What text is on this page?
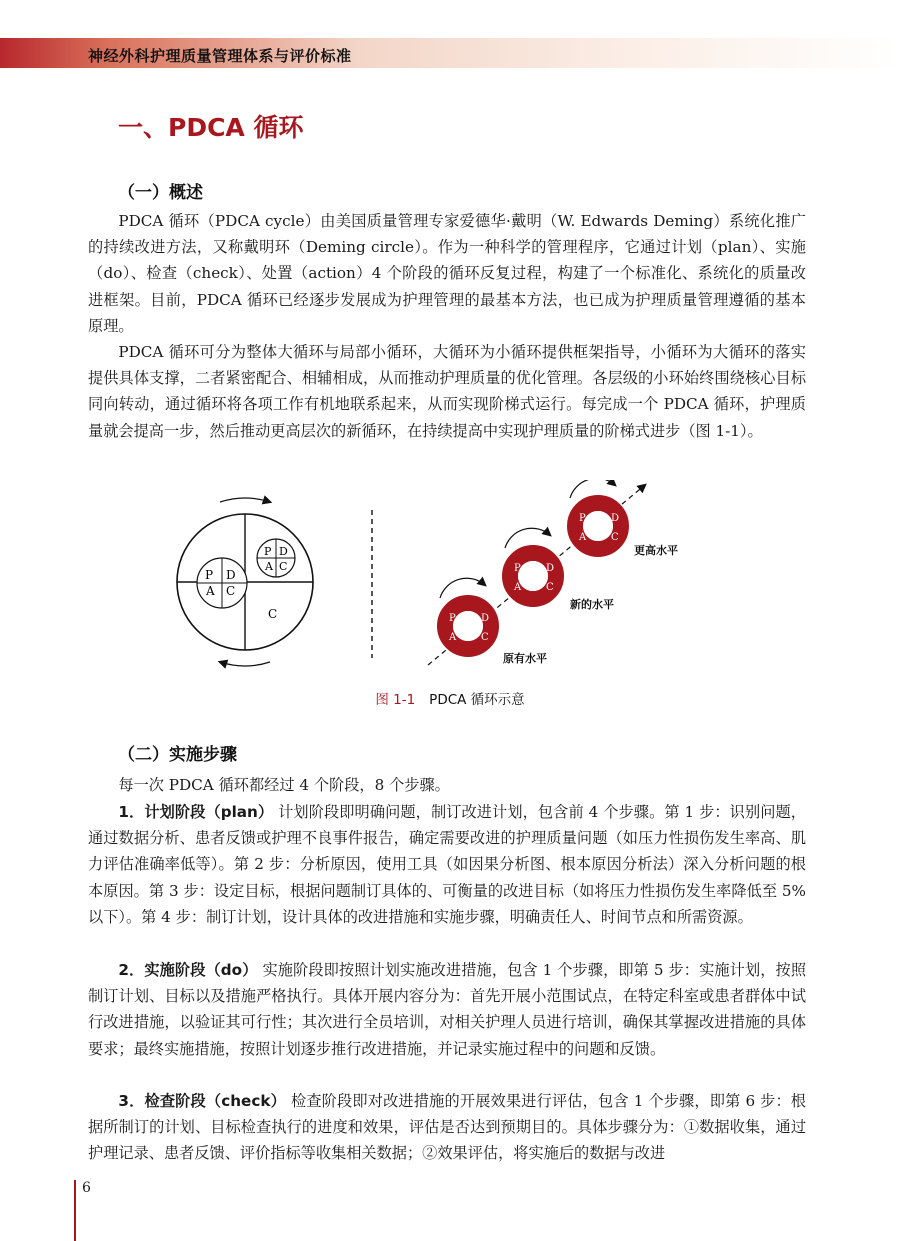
神经外科护理质量管理体系与评价标准
一、PDCA 循环
（一）概述

PDCA 循环（PDCA cycle）由美国质量管理专家爱德华·戴明（W. Edwards Deming）系统化推广的持续改进方法，又称戴明环（Deming circle）。作为一种科学的管理程序，它通过计划（plan）、实施（do）、检查（check）、处置（action）4 个阶段的循环反复过程，构建了一个标准化、系统化的质量改进框架。目前，PDCA 循环已经逐步发展成为护理管理的最基本方法，也已成为护理质量管理遵循的基本原理。

PDCA 循环可分为整体大循环与局部小循环，大循环为小循环提供框架指导，小循环为大循环的落实提供具体支撑，二者紧密配合、相辅相成，从而推动护理质量的优化管理。各层级的小环始终围绕核心目标同向转动，通过循环将各项工作有机地联系起来，从而实现阶梯式运行。每完成一个 PDCA 循环，护理质量就会提高一步，然后推动更高层次的新循环，在持续提高中实现护理质量的阶梯式进步（图 1-1）。

P D
A C
P D
A C
C	P	D
A C
原有水平
P	D
A C
新的水平
P	D
A C
更高水平
图 1-1 PDCA 循环示意
（二）实施步骤

每一次 PDCA 循环都经过 4 个阶段，8 个步骤。

1．计划阶段（plan） 计划阶段即明确问题，制订改进计划，包含前 4 个步骤。第 1 步：识别问题，通过数据分析、患者反馈或护理不良事件报告，确定需要改进的护理质量问题（如压力性损伤发生率高、肌力评估准确率低等）。第 2 步：分析原因，使用工具（如因果分析图、根本原因分析法）深入分析问题的根本原因。第 3 步：设定目标，根据问题制订具体的、可衡量的改进目标（如将压力性损伤发生率降低至 5% 以下）。第 4 步：制订计划，设计具体的改进措施和实施步骤，明确责任人、时间节点和所需资源。

2．实施阶段（do） 实施阶段即按照计划实施改进措施，包含 1 个步骤，即第 5 步：实施计划，按照制订计划、目标以及措施严格执行。具体开展内容分为：首先开展小范围试点，在特定科室或患者群体中试行改进措施，以验证其可行性；其次进行全员培训，对相关护理人员进行培训，确保其掌握改进措施的具体要求；最终实施措施，按照计划逐步推行改进措施，并记录实施过程中的问题和反馈。

3．检查阶段（check） 检查阶段即对改进措施的开展效果进行评估，包含 1 个步骤，即第 6 步：根据所制订的计划、目标检查执行的进度和效果，评估是否达到预期目的。具体步骤分为：①数据收集，通过护理记录、患者反馈、评价指标等收集相关数据；②效果评估，将实施后的数据与改进

6
